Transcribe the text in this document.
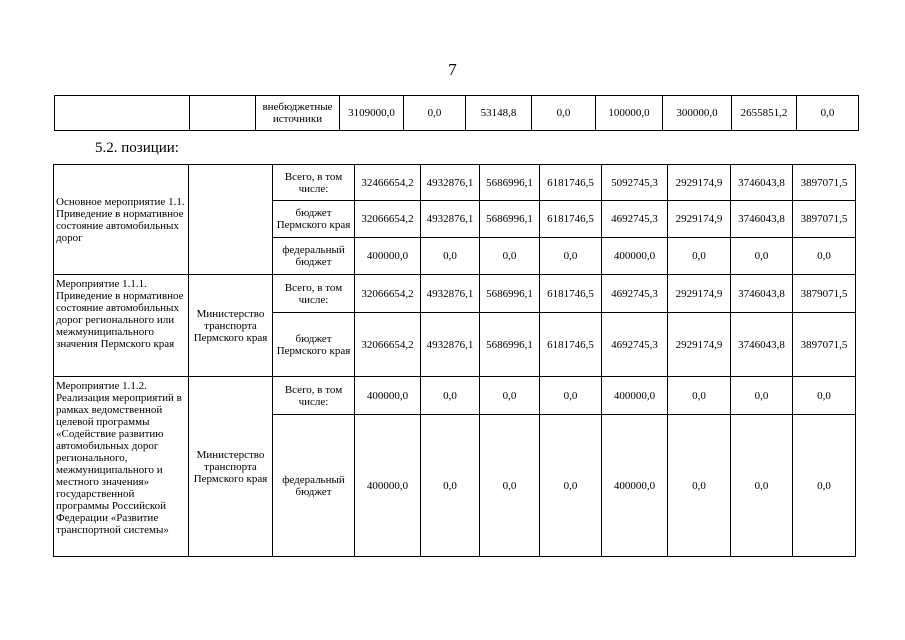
7
		внебюджетные источники	3109000,0	0,0	53148,8	0,0	100000,0	300000,0	2655851,2	0,0
5.2. позиции:
Основное мероприятие 1.1. Приведение в нормативное состояние автомобильных дорог		Всего, в том числе:	32466654,2	4932876,1	5686996,1	6181746,5	5092745,3	2929174,9	3746043,8	3897071,5
		бюджет Пермского края	32066654,2	4932876,1	5686996,1	6181746,5	4692745,3	2929174,9	3746043,8	3897071,5
		федеральный бюджет	400000,0	0,0	0,0	0,0	400000,0	0,0	0,0	0,0
Мероприятие 1.1.1. Приведение в нормативное состояние автомобильных дорог регионального или межмуниципального значения Пермского края	Министерство транспорта Пермского края	Всего, в том числе:	32066654,2	4932876,1	5686996,1	6181746,5	4692745,3	2929174,9	3746043,8	3879071,5
		бюджет Пермского края	32066654,2	4932876,1	5686996,1	6181746,5	4692745,3	2929174,9	3746043,8	3897071,5
Мероприятие 1.1.2. Реализация мероприятий в рамках ведомственной целевой программы «Содействие развитию автомобильных дорог регионального, межмуниципального и местного значения» государственной программы Российской Федерации «Развитие транспортной системы»	Министерство транспорта Пермского края	Всего, в том числе:	400000,0	0,0	0,0	0,0	400000,0	0,0	0,0	0,0
		федеральный бюджет	400000,0	0,0	0,0	0,0	400000,0	0,0	0,0	0,0
